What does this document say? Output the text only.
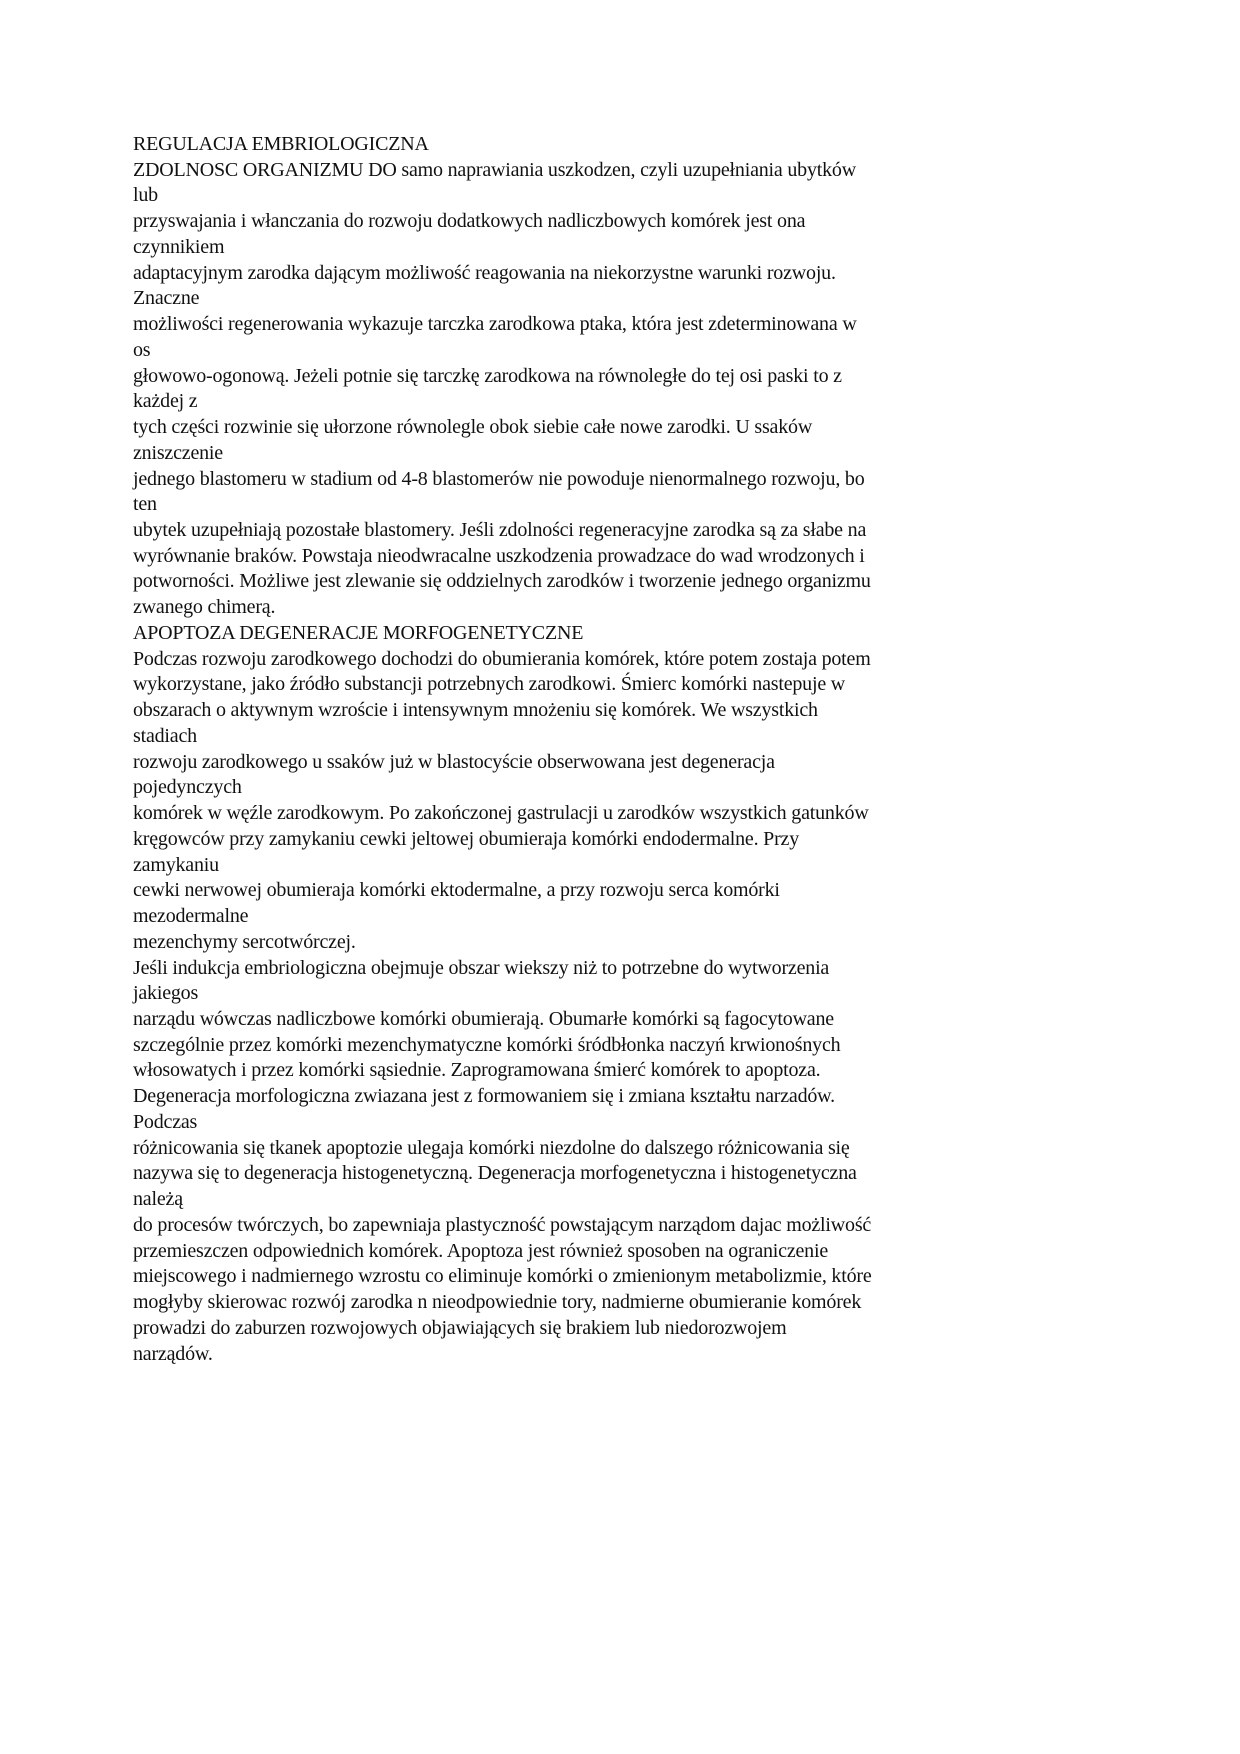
REGULACJA EMBRIOLOGICZNA
ZDOLNOSC ORGANIZMU DO samo naprawiania uszkodzen, czyli uzupełniania ubytków
lub
przyswajania i włanczania do rozwoju dodatkowych nadliczbowych komórek jest ona
czynnikiem
adaptacyjnym zarodka dającym możliwość reagowania na niekorzystne warunki rozwoju.
Znaczne
możliwości regenerowania wykazuje tarczka zarodkowa ptaka, która jest zdeterminowana w
os
głowowo-ogonową. Jeżeli potnie się tarczkę zarodkowa na równoległe do tej osi paski to z
każdej z
tych części rozwinie się ułorzone równolegle obok siebie całe nowe zarodki. U ssaków
zniszczenie
jednego blastomeru w stadium od 4-8 blastomerów nie powoduje nienormalnego rozwoju, bo
ten
ubytek uzupełniają pozostałe blastomery. Jeśli zdolności regeneracyjne zarodka są za słabe na
wyrównanie braków. Powstaja nieodwracalne uszkodzenia prowadzace do wad wrodzonych i
potworności. Możliwe jest zlewanie się oddzielnych zarodków i tworzenie jednego organizmu
zwanego chimerą.
APOPTOZA DEGENERACJE MORFOGENETYCZNE
Podczas rozwoju zarodkowego dochodzi do obumierania komórek, które potem zostaja potem
wykorzystane, jako źródło substancji potrzebnych zarodkowi. Śmierc komórki nastepuje w
obszarach o aktywnym wzroście i intensywnym mnożeniu się komórek. We wszystkich
stadiach
rozwoju zarodkowego u ssaków już w blastocyście obserwowana jest degeneracja
pojedynczych
komórek w węźle zarodkowym. Po zakończonej gastrulacji u zarodków wszystkich gatunków
kręgowców przy zamykaniu cewki jeltowej obumieraja komórki endodermalne. Przy
zamykaniu
cewki nerwowej obumieraja komórki ektodermalne, a przy rozwoju serca komórki
mezodermalne
mezenchymy sercotwórczej.
Jeśli indukcja embriologiczna obejmuje obszar wiekszy niż to potrzebne do wytworzenia
jakiegos
narządu wówczas nadliczbowe komórki obumierają. Obumarłe komórki są fagocytowane
szczególnie przez komórki mezenchymatyczne komórki śródbłonka naczyń krwionośnych
włosowatych i przez komórki sąsiednie. Zaprogramowana śmierć komórek to apoptoza.
Degeneracja morfologiczna zwiazana jest z formowaniem się i zmiana kształtu narzadów.
Podczas
różnicowania się tkanek apoptozie ulegaja komórki niezdolne do dalszego różnicowania się
nazywa się to degeneracja histogenetyczną. Degeneracja morfogenetyczna i histogenetyczna
należą
do procesów twórczych, bo zapewniaja plastyczność powstającym narządom dajac możliwość
przemieszczen odpowiednich komórek. Apoptoza jest również sposoben na ograniczenie
miejscowego i nadmiernego wzrostu co eliminuje komórki o zmienionym metabolizmie, które
mogłyby skierowac rozwój zarodka n nieodpowiednie tory, nadmierne obumieranie komórek
prowadzi do zaburzen rozwojowych objawiających się brakiem lub niedorozwojem
narządów.
